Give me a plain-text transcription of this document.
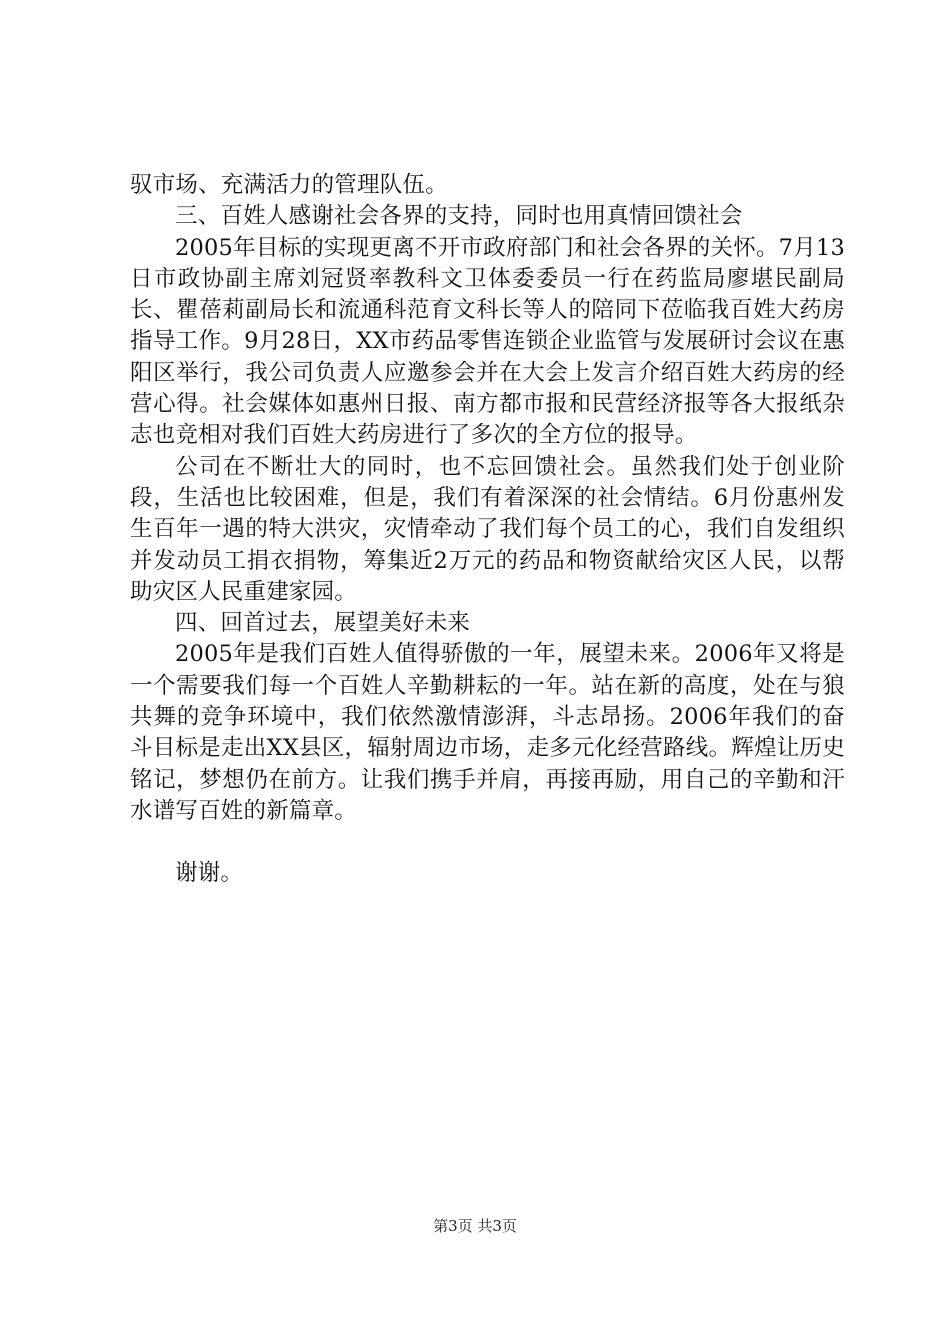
驭市场、充满活力的管理队伍。

三、百姓人感谢社会各界的支持，同时也用真情回馈社会

2005年目标的实现更离不开市政府部门和社会各界的关怀。7月13日市政协副主席刘冠贤率教科文卫体委委员一行在药监局廖堪民副局长、瞿蓓莉副局长和流通科范育文科长等人的陪同下莅临我百姓大药房指导工作。9月28日，XX市药品零售连锁企业监管与发展研讨会议在惠阳区举行，我公司负责人应邀参会并在大会上发言介绍百姓大药房的经营心得。社会媒体如惠州日报、南方都市报和民营经济报等各大报纸杂志也竞相对我们百姓大药房进行了多次的全方位的报导。

公司在不断壮大的同时，也不忘回馈社会。虽然我们处于创业阶段，生活也比较困难，但是，我们有着深深的社会情结。6月份惠州发生百年一遇的特大洪灾，灾情牵动了我们每个员工的心，我们自发组织并发动员工捐衣捐物，筹集近2万元的药品和物资献给灾区人民，以帮助灾区人民重建家园。

四、回首过去，展望美好未来

2005年是我们百姓人值得骄傲的一年，展望未来。2006年又将是一个需要我们每一个百姓人辛勤耕耘的一年。站在新的高度，处在与狼共舞的竞争环境中，我们依然激情澎湃，斗志昂扬。2006年我们的奋斗目标是走出XX县区，辐射周边市场，走多元化经营路线。辉煌让历史铭记，梦想仍在前方。让我们携手并肩，再接再励，用自己的辛勤和汗水谱写百姓的新篇章。

谢谢。

第3页 共3页
